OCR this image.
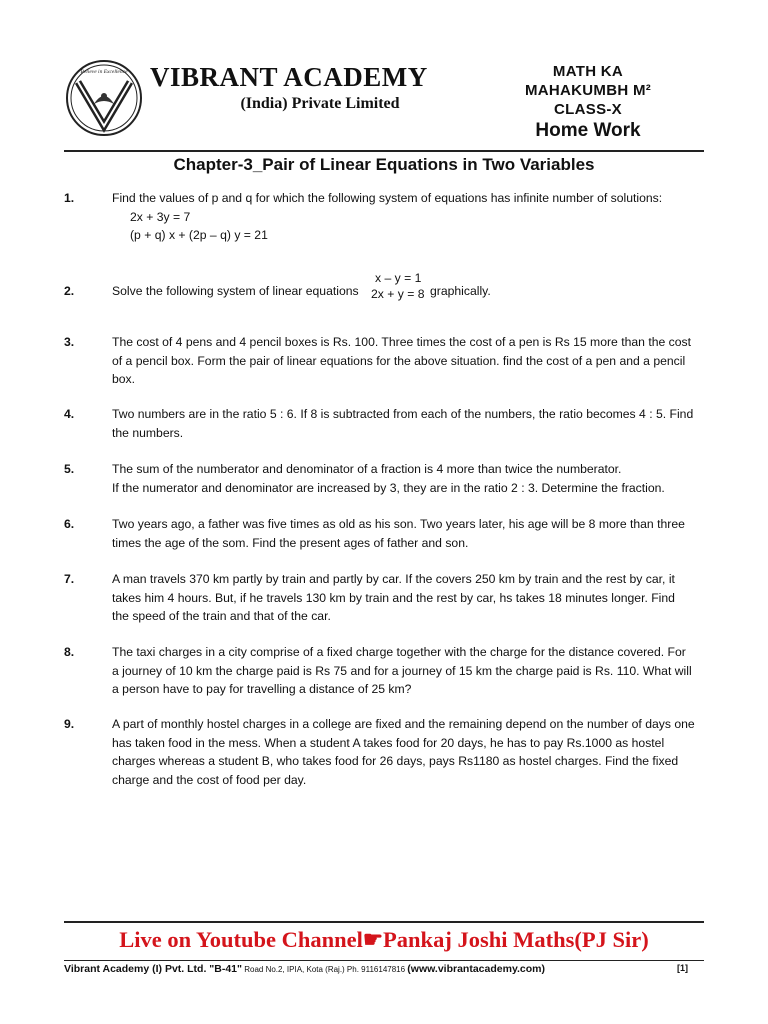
Believe in Excellence VIBRANT ACADEMY
(India) Private Limited
MATH KA
MAHAKUMBH M²
CLASS-X
Home Work
Chapter-3_Pair of Linear Equations in Two Variables
1.	Find the values of p and q for which the following system of equations has infinite number of solutions:
2x + 3y = 7
(p + q) x + (2p – q) y = 21
2.	Solve the following system of linear equations
x – y = 1
2x + y = 8 graphically.
3.	The cost of 4 pens and 4 pencil boxes is Rs. 100. Three times the cost of a pen is Rs 15 more than the cost
of a pencil box. Form the pair of linear equations for the above situation. find the cost of a pen and a pencil
box.
4.	Two numbers are in the ratio 5 : 6. If 8 is subtracted from each of the numbers, the ratio becomes 4 : 5. Find
the numbers.
5.	The sum of the numberator and denominator of a fraction is 4 more than twice the numberator.
If the numerator and denominator are increased by 3, they are in the ratio 2 : 3. Determine the fraction.
6.	Two years ago, a father was five times as old as his son. Two years later, his age will be 8 more than three
times the age of the som. Find the present ages of father and son.
7.	A man travels 370 km partly by train and partly by car. If the covers 250 km by train and the rest by car, it
takes him 4 hours. But, if he travels 130 km by train and the rest by car, hs takes 18 minutes longer. Find
the speed of the train and that of the car.
8.	The taxi charges in a city comprise of a fixed charge together with the charge for the distance covered. For
a journey of 10 km the charge paid is Rs 75 and for a journey of 15 km the charge paid is Rs. 110. What will
a person have to pay for travelling a distance of 25 km?
9.	A part of monthly hostel charges in a college are fixed and the remaining depend on the number of days one
has taken food in the mess. When a student A takes food for 20 days, he has to pay Rs.1000 as hostel
charges whereas a student B, who takes food for 26 days, pays Rs1180 as hostel charges. Find the fixed
charge and the cost of food per day.
Live on Youtube Channel☛Pankaj Joshi Maths(PJ Sir)
Vibrant Academy (I) Pvt. Ltd. "B-41" Road No.2, IPIA, Kota (Raj.) Ph. 9116147816 (www.vibrantacademy.com)	[1]
